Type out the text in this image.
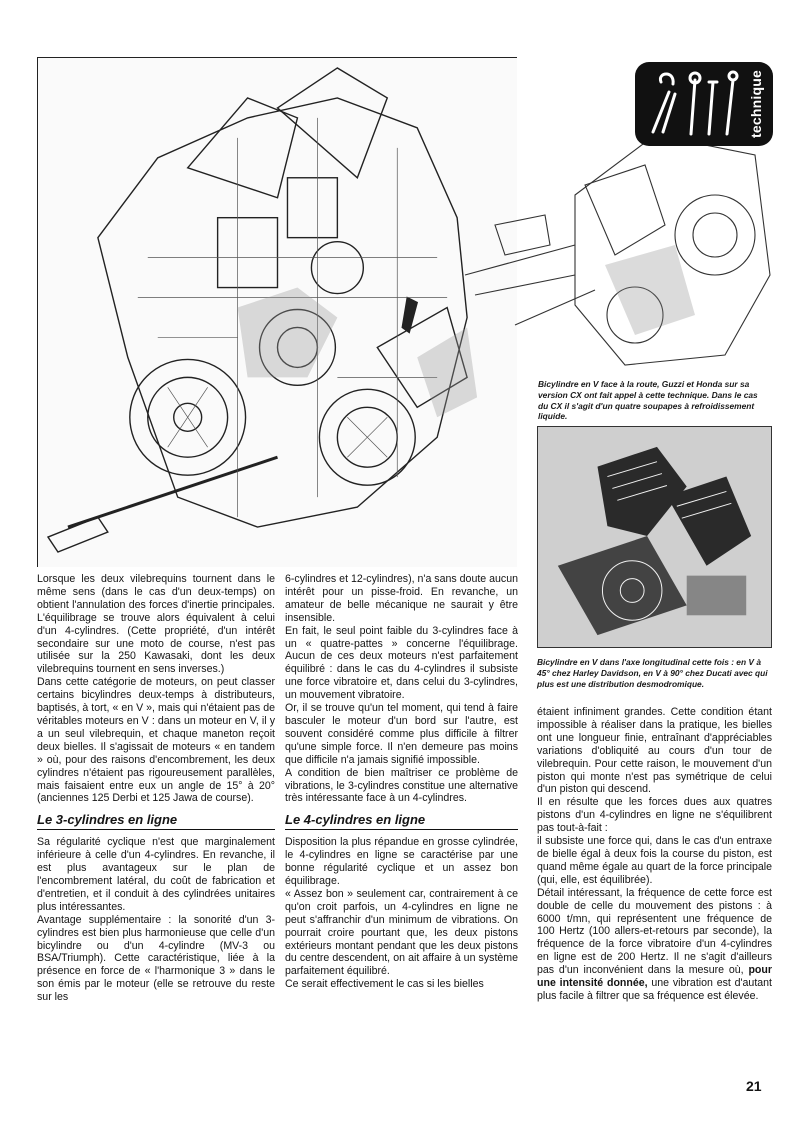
technique
Bicylindre en V face à la route, Guzzi et Honda sur sa version CX ont fait appel à cette technique. Dans le cas du CX il s'agit d'un quatre soupapes à refroidissement liquide.
Bicylindre en V dans l'axe longitudinal cette fois : en V à 45° chez Harley Davidson, en V à 90° chez Ducati avec qui plus est une distribution desmodromique.

Lorsque les deux vilebrequins tournent dans le même sens (dans le cas d'un deux-temps) on obtient l'annulation des forces d'inertie principales. L'équilibrage se trouve alors équivalent à celui d'un 4-cylindres. (Cette propriété, d'un intérêt secondaire sur une moto de course, n'est pas utilisée sur la 250 Kawasaki, dont les deux vilebrequins tournent en sens inverses.)

Dans cette catégorie de moteurs, on peut classer certains bicylindres deux-temps à distributeurs, baptisés, à tort, « en V », mais qui n'étaient pas de véritables moteurs en V : dans un moteur en V, il y a un seul vilebrequin, et chaque maneton reçoit deux bielles. Il s'agissait de moteurs « en tandem » où, pour des raisons d'encombrement, les deux cylindres n'étaient pas rigoureusement parallèles, mais faisaient entre eux un angle de 15° à 20° (anciennes 125 Derbi et 125 Jawa de course).

Le 3-cylindres en ligne

Sa régularité cyclique n'est que marginalement inférieure à celle d'un 4-cylindres. En revanche, il est plus avantageux sur le plan de l'encombrement latéral, du coût de fabrication et d'entretien, et il conduit à des cylindrées unitaires plus intéressantes.

Avantage supplémentaire : la sonorité d'un 3-cylindres est bien plus harmonieuse que celle d'un bicylindre ou d'un 4-cylindre (MV-3 ou BSA/Triumph). Cette caractéristique, liée à la présence en force de « l'harmonique 3 » dans le son émis par le moteur (elle se retrouve du reste sur les

6-cylindres et 12-cylindres), n'a sans doute aucun intérêt pour un pisse-froid. En revanche, un amateur de belle mécanique ne saurait y être insensible.

En fait, le seul point faible du 3-cylindres face à un « quatre-pattes » concerne l'équilibrage. Aucun de ces deux moteurs n'est parfaitement équilibré : dans le cas du 4-cylindres il subsiste une force vibratoire et, dans celui du 3-cylindres, un mouvement vibratoire.

Or, il se trouve qu'un tel moment, qui tend à faire basculer le moteur d'un bord sur l'autre, est souvent considéré comme plus difficile à filtrer qu'une simple force. Il n'en demeure pas moins que difficile n'a jamais signifié impossible.

A condition de bien maîtriser ce problème de vibrations, le 3-cylindres constitue une alternative très intéressante face à un 4-cylindres.

Le 4-cylindres en ligne

Disposition la plus répandue en grosse cylindrée, le 4-cylindres en ligne se caractérise par une bonne régularité cyclique et un assez bon équilibrage.

« Assez bon » seulement car, contrairement à ce qu'on croit parfois, un 4-cylindres en ligne ne peut s'affranchir d'un minimum de vibrations. On pourrait croire pourtant que, les deux pistons extérieurs montant pendant que les deux pistons du centre descendent, on ait affaire à un système parfaitement équilibré.

Ce serait effectivement le cas si les bielles

étaient infiniment grandes. Cette condition étant impossible à réaliser dans la pratique, les bielles ont une longueur finie, entraînant d'appréciables variations d'obliquité au cours d'un tour de vilebrequin. Pour cette raison, le mouvement d'un piston qui monte n'est pas symétrique de celui d'un piston qui descend.

Il en résulte que les forces dues aux quatres pistons d'un 4-cylindres en ligne ne s'équilibrent pas tout-à-fait :

il subsiste une force qui, dans le cas d'un entraxe de bielle égal à deux fois la course du piston, est quand même égale au quart de la force principale (qui, elle, est équilibrée).

Détail intéressant, la fréquence de cette force est double de celle du mouvement des pistons : à 6000 t/mn, qui représentent une fréquence de 100 Hertz (100 allers-et-retours par seconde), la fréquence de la force vibratoire d'un 4-cylindres en ligne est de 200 Hertz. Il ne s'agit d'ailleurs pas d'un inconvénient dans la mesure où, pour une intensité donnée, une vibration est d'autant plus facile à filtrer que sa fréquence est élevée.

21
